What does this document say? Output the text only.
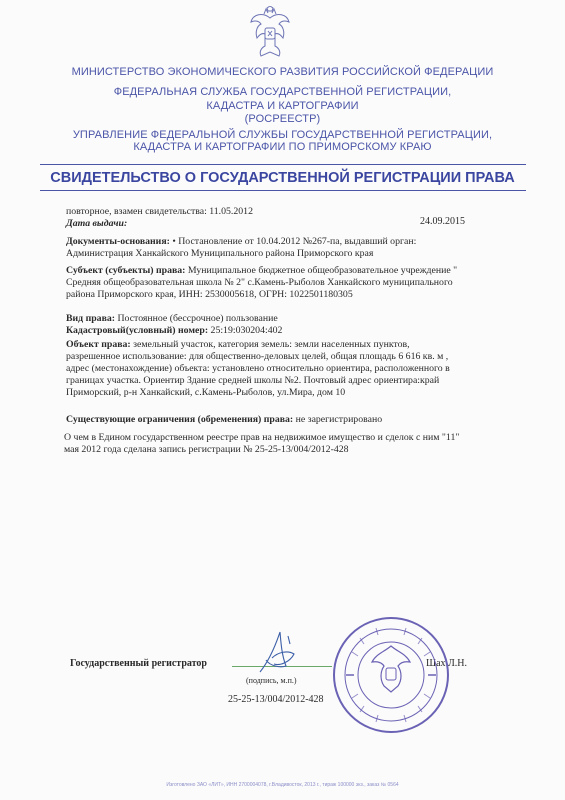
МИНИСТЕРСТВО ЭКОНОМИЧЕСКОГО РАЗВИТИЯ РОССИЙСКОЙ ФЕДЕРАЦИИ
ФЕДЕРАЛЬНАЯ СЛУЖБА ГОСУДАРСТВЕННОЙ РЕГИСТРАЦИИ,
КАДАСТРА И КАРТОГРАФИИ
(РОСРЕЕСТР)
УПРАВЛЕНИЕ ФЕДЕРАЛЬНОЙ СЛУЖБЫ ГОСУДАРСТВЕННОЙ РЕГИСТРАЦИИ,
КАДАСТРА И КАРТОГРАФИИ ПО ПРИМОРСКОМУ КРАЮ
СВИДЕТЕЛЬСТВО О ГОСУДАРСТВЕННОЙ РЕГИСТРАЦИИ ПРАВА
повторное, взамен свидетельства: 11.05.2012
Дата выдачи:	24.09.2015
Документы-основания: • Постановление от 10.04.2012 №267-па, выдавший орган:
Администрация Ханкайского Муниципального района Приморского края
Субъект (субъекты) права: Муниципальное бюджетное общеобразовательное учреждение "
Средняя общеобразовательная школа № 2" с.Камень-Рыболов Ханкайского муниципального
района Приморского края, ИНН: 2530005618, ОГРН: 1022501180305
Вид права: Постоянное (бессрочное) пользование
Кадастровый(условный) номер: 25:19:030204:402
Объект права: земельный участок, категория земель: земли населенных пунктов,
разрешенное использование: для общественно-деловых целей, общая площадь 6 616 кв. м ,
адрес (местонахождение) объекта: установлено относительно ориентира, расположенного в
границах участка. Ориентир Здание средней школы №2. Почтовый адрес ориентира:край
Приморский, р-н Ханкайский, с.Камень-Рыболов, ул.Мира, дом 10
Существующие ограничения (обременения) права: не зарегистрировано
О чем в Едином государственном реестре прав на недвижимое имущество и сделок с ним "11"
мая 2012 года сделана запись регистрации № 25-25-13/004/2012-428
Государственный регистратор
(подпись, м.п.)
25-25-13/004/2012-428
Шах Л.Н.
Изготовлено ЗАО «ЛИТ», ИНН 2700004078, г.Владивосток, 2013 г., тираж 100000 экз., заказ № 0564
